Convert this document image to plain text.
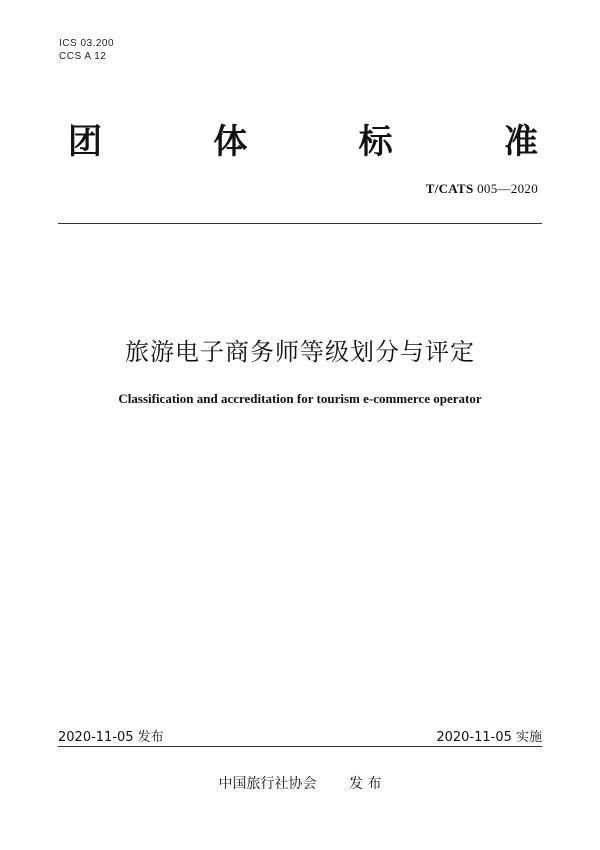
ICS 03.200
CCS A 12
团	体	标	准
T/CATS 005—2020
旅游电子商务师等级划分与评定
Classification and accreditation for tourism e-commerce operator
2020-11-05 发布	2020-11-05 实施
中国旅行社协会 发 布
